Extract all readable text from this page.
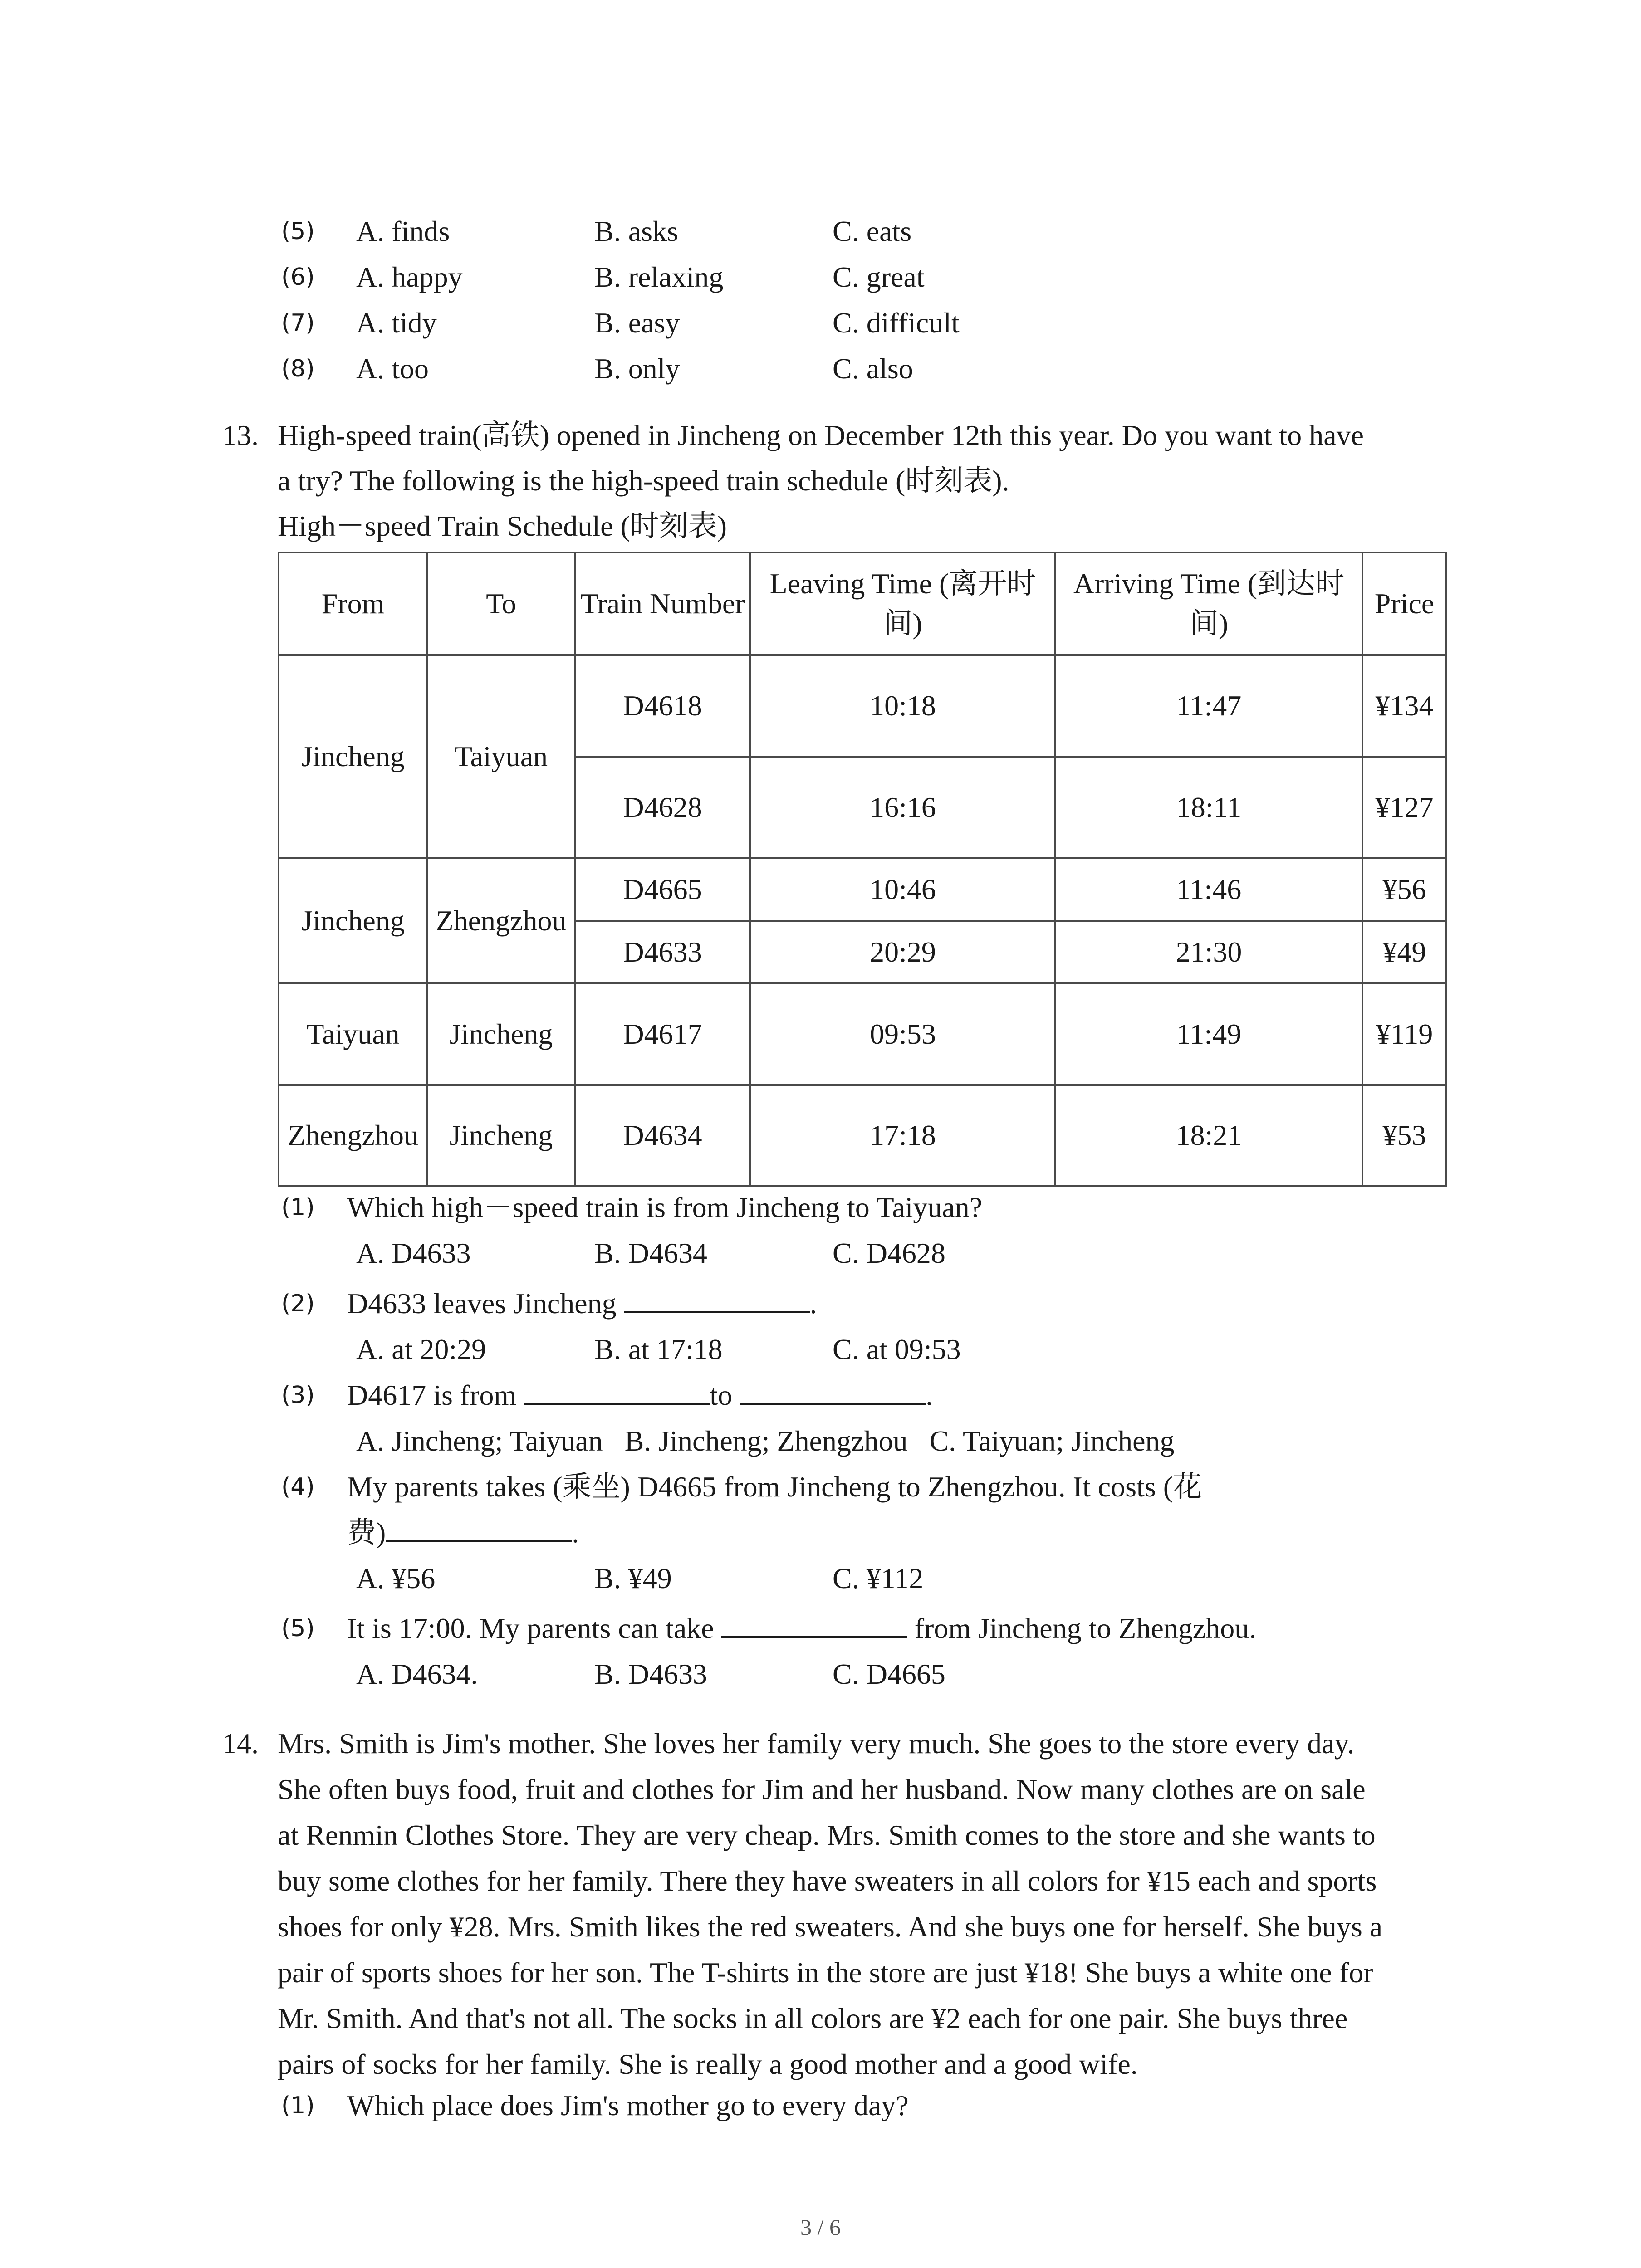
(5) A. finds	B. asks	C. eats
(6) A. happy	B. relaxing	C. great
(7) A. tidy	B. easy	C. difficult
(8) A. too	B. only	C. also
13. High-speed train(高铁) opened in Jincheng on December 12th this year. Do you want to have
a try? The following is the high-speed train schedule (时刻表).
High－speed Train Schedule (时刻表)
From	To	Train Number	Leaving Time (离开时间)	Arriving Time (到达时间)	Price
Jincheng	Taiyuan	D4618	10:18	11:47	¥134
		D4628	16:16	18:11	¥127
Jincheng	Zhengzhou	D4665	10:46	11:46	¥56
		D4633	20:29	21:30	¥49
Taiyuan	Jincheng	D4617	09:53	11:49	¥119
Zhengzhou	Jincheng	D4634	17:18	18:21	¥53
(1) Which high－speed train is from Jincheng to Taiyuan?
A. D4633	B. D4634	C. D4628
(2) D4633 leaves Jincheng	.
A. at 20:29	B. at 17:18	C. at 09:53
(3) D4617 is from	to	.
A. Jincheng; Taiyuan   B. Jincheng; Zhengzhou   C. Taiyuan; Jincheng
(4) My parents takes (乘坐) D4665 from Jincheng to Zhengzhou. It costs (花
费)	.
A. ¥56	B. ¥49	C. ¥112
(5) It is 17:00. My parents can take	from Jincheng to Zhengzhou.
A. D4634.	B. D4633	C. D4665
14. Mrs. Smith is Jim's mother. She loves her family very much. She goes to the store every day.
She often buys food, fruit and clothes for Jim and her husband. Now many clothes are on sale
at Renmin Clothes Store. They are very cheap. Mrs. Smith comes to the store and she wants to
buy some clothes for her family. There they have sweaters in all colors for ¥15 each and sports
shoes for only ¥28. Mrs. Smith likes the red sweaters. And she buys one for herself. She buys a
pair of sports shoes for her son. The T-shirts in the store are just ¥18! She buys a white one for
Mr. Smith. And that's not all. The socks in all colors are ¥2 each for one pair. She buys three
pairs of socks for her family. She is really a good mother and a good wife.
(1) Which place does Jim's mother go to every day?
3 / 6
